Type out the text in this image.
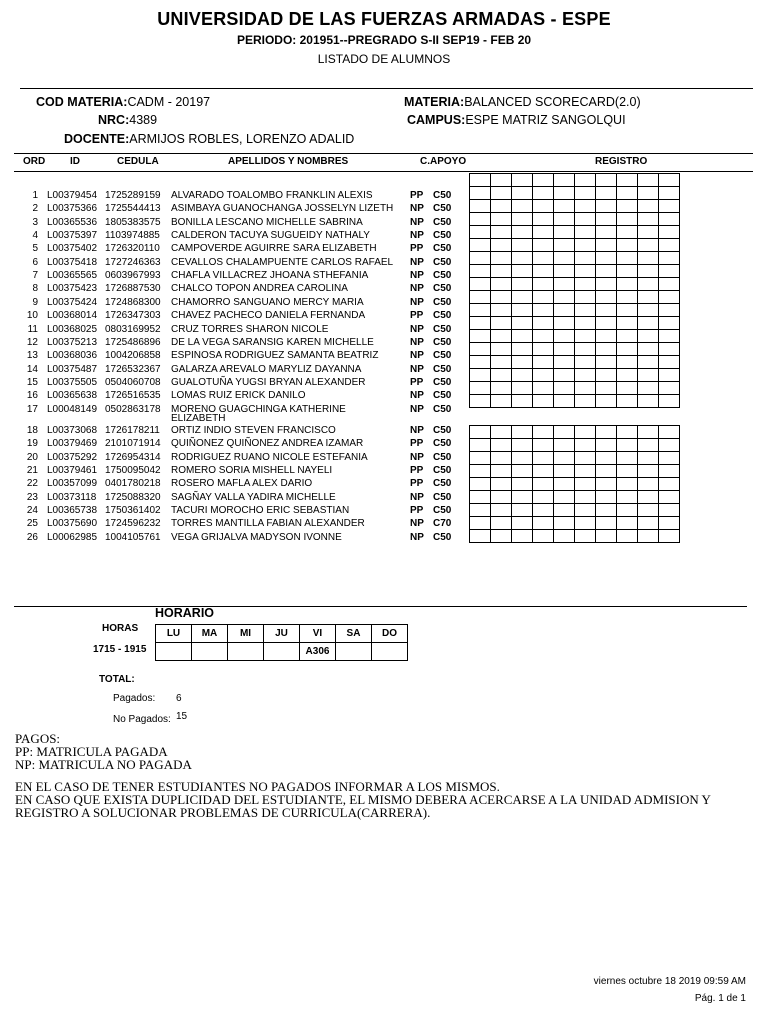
UNIVERSIDAD DE LAS FUERZAS ARMADAS - ESPE
PERIODO: 201951--PREGRADO S-II SEP19 - FEB 20
LISTADO DE ALUMNOS
COD MATERIA:CADM - 20197
NRC:4389
DOCENTE:ARMIJOS ROBLES, LORENZO ADALID
MATERIA:BALANCED SCORECARD(2.0)
CAMPUS:ESPE MATRIZ SANGOLQUI
ORD ID	CEDULA	APELLIDOS Y NOMBRES	C.APOYO	REGISTRO

1 L00379454 1725289159 ALVARADO TOALOMBO FRANKLIN ALEXIS	PP C50
2 L00375366 1725544413 ASIMBAYA GUANOCHANGA JOSSELYN LIZETH	NP C50
3 L00365536 1805383575 BONILLA LESCANO MICHELLE SABRINA	NP C50
4 L00375397 1103974885 CALDERON TACUYA SUGUEIDY NATHALY	NP C50
5 L00375402 1726320110 CAMPOVERDE AGUIRRE SARA ELIZABETH	PP C50
6 L00375418 1727246363 CEVALLOS CHALAMPUENTE CARLOS RAFAEL	NP C50
7 L00365565 0603967993 CHAFLA VILLACREZ JHOANA STHEFANIA	NP C50
8 L00375423 1726887530 CHALCO TOPON ANDREA CAROLINA	NP C50
9 L00375424 1724868300 CHAMORRO SANGUANO MERCY MARIA	NP C50
10 L00368014 1726347303 CHAVEZ PACHECO DANIELA FERNANDA	PP C50
11 L00368025 0803169952 CRUZ TORRES SHARON NICOLE	NP C50
12 L00375213 1725486896 DE LA VEGA SARANSIG KAREN MICHELLE	NP C50
13 L00368036 1004206858 ESPINOSA RODRIGUEZ SAMANTA BEATRIZ	NP C50
14 L00375487 1726532367 GALARZA AREVALO MARYLIZ DAYANNA	NP C50
15 L00375505 0504060708 GUALOTUÑA YUGSI BRYAN ALEXANDER	PP C50
16 L00365638 1726516535 LOMAS RUIZ ERICK DANILO	NP C50
17 L00048149 0502863178 MORENO GUAGCHINGA KATHERINE	NP C50
ELIZABETH
18 L00373068 1726178211 ORTIZ INDIO STEVEN FRANCISCO	NP C50
19 L00379469 2101071914 QUIÑONEZ QUIÑONEZ ANDREA IZAMAR	PP C50
20 L00375292 1726954314 RODRIGUEZ RUANO NICOLE ESTEFANIA	NP C50
21 L00379461 1750095042 ROMERO SORIA MISHELL NAYELI	PP C50
22 L00357099 0401780218 ROSERO MAFLA ALEX DARIO	PP C50
23 L00373118 1725088320 SAGÑAY VALLA YADIRA MICHELLE	NP C50
24 L00365738 1750361402 TACURI MOROCHO ERIC SEBASTIAN	PP C50
25 L00375690 1724596232 TORRES MANTILLA FABIAN ALEXANDER	NP C70
26 L00062985 1004105761 VEGA GRIJALVA MADYSON IVONNE	NP C50
HORARIO
HORAS
1715 - 1915
LU	MA	MI	JU	VI	SA	DO
				A306		
TOTAL:
Pagados: 6
No Pagados: 15
PAGOS:
PP: MATRICULA PAGADA
NP: MATRICULA NO PAGADA
EN EL CASO DE TENER ESTUDIANTES NO PAGADOS INFORMAR A LOS MISMOS.
EN CASO QUE EXISTA DUPLICIDAD DEL ESTUDIANTE, EL MISMO DEBERA ACERCARSE A LA UNIDAD ADMISION Y
REGISTRO A SOLUCIONAR PROBLEMAS DE CURRICULA(CARRERA).
viernes octubre 18 2019 09:59 AM
Pág. 1 de 1
